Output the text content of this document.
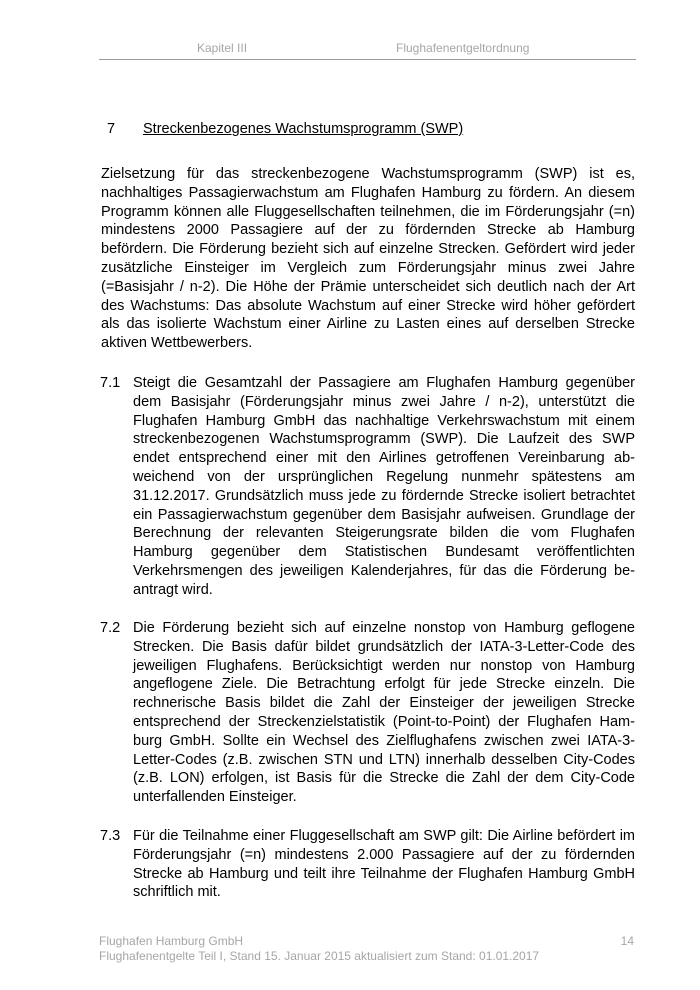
Kapitel III	Flughafenentgeltordnung
7 Streckenbezogenes Wachstumsprogramm (SWP)

Zielsetzung für das streckenbezogene Wachstumsprogramm (SWP) ist es, nachhaltiges Passagierwachstum am Flughafen Hamburg zu fördern. An diesem Programm können alle Fluggesellschaften teilnehmen, die im Förderungsjahr (=n) mindestens 2000 Passagiere auf der zu fördernden Strecke ab Hamburg befördern. Die Förderung bezieht sich auf einzelne Strecken. Gefördert wird jeder zusätzliche Einsteiger im Vergleich zum Förderungsjahr minus zwei Jahre (=Basisjahr / n-2). Die Höhe der Prämie unterscheidet sich deutlich nach der Art des Wachstums: Das absolute Wachstum auf einer Strecke wird höher gefördert als das isolierte Wachstum einer Airline zu Lasten eines auf derselben Strecke aktiven Wettbewerbers.

7.1 Steigt die Gesamtzahl der Passagiere am Flughafen Hamburg gegenüber dem Basisjahr (Förderungsjahr minus zwei Jahre / n-2), unterstützt die Flughafen Hamburg GmbH das nachhaltige Verkehrswachstum mit einem streckenbezogenen Wachstumsprogramm (SWP). Die Laufzeit des SWP endet entsprechend einer mit den Airlines getroffenen Vereinbarung abweichend von der ursprünglichen Regelung nunmehr spätestens am 31.12.2017. Grundsätzlich muss jede zu fördernde Strecke isoliert betrachtet ein Passagierwachstum gegenüber dem Basisjahr aufweisen. Grundlage der Berechnung der relevanten Steigerungsrate bilden die vom Flughafen Hamburg gegenüber dem Statistischen Bundesamt veröffentlichten Verkehrsmengen des jeweiligen Kalenderjahres, für das die Förderung beantragt wird.
7.2 Die Förderung bezieht sich auf einzelne nonstop von Hamburg geflogene Strecken. Die Basis dafür bildet grundsätzlich der IATA-3-Letter-Code des jeweiligen Flughafens. Berücksichtigt werden nur nonstop von Hamburg angeflogene Ziele. Die Betrachtung erfolgt für jede Strecke einzeln. Die rechnerische Basis bildet die Zahl der Einsteiger der jeweiligen Strecke entsprechend der Streckenzielstatistik (Point-to-Point) der Flughafen Hamburg GmbH. Sollte ein Wechsel des Zielflughafens zwischen zwei IATA-3-Letter-Codes (z.B. zwischen STN und LTN) innerhalb desselben City-Codes (z.B. LON) erfolgen, ist Basis für die Strecke die Zahl der dem City-Code unterfallenden Einsteiger.
7.3 Für die Teilnahme einer Fluggesellschaft am SWP gilt: Die Airline befördert im Förderungsjahr (=n) mindestens 2.000 Passagiere auf der zu fördernden Strecke ab Hamburg und teilt ihre Teilnahme der Flughafen Hamburg GmbH schriftlich mit.
Flughafen Hamburg GmbH
Flughafenentgelte Teil I, Stand 15. Januar 2015 aktualisiert zum Stand: 01.01.2017
14
